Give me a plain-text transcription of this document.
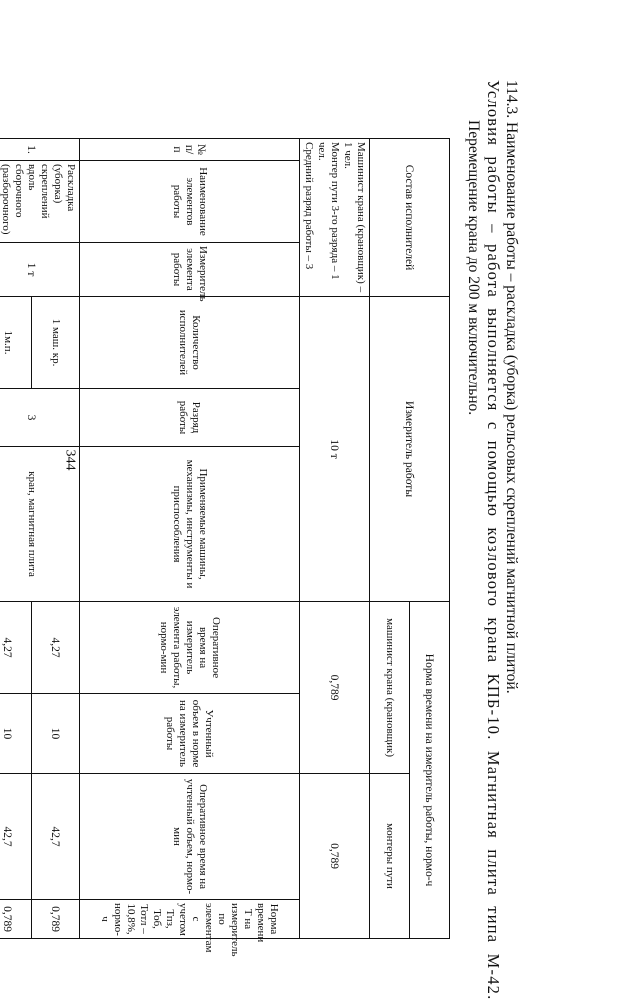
344	114.3. Наименование работы – раскладка (уборка) рельсовых скреплений магнитной плитой.
Условия работы – работа выполняется с помощью козлового крана КПБ-10. Магнитная плита типа М-42.
Перемещение крана до 200 м включительно.
Состав исполнителей			Измеритель работы			Норма времени на измеритель работы, нормо-ч			
						машинист крана (крановщик)		монтеры пути	

Машинист крана (крановщик) – 1 чел.
Монтер пути 3-го разряда – 1 чел.
Средний разряд работы – 3			10 т			0,789		0,789	
№ п/п	Наименование элементов работы	Измеритель элемента работы	Количество исполнителей	Разряд работы	Применяемые машины, механизмы, инструменты и приспособления	Оперативное время на измеритель элемента работы, нормо-мин	Учтенный объем в норме на измеритель работы	Оперативное время на учтенный объем, нормо-мин	Норма времени Т на измеритель по элементам с учетом Тпз, Тоб, Тотл – 10,8%, нормо-ч
1.	Раскладка (уборка) скреплений вдоль сборочного (разборочного)	1 т	1 маш. кр.	3	кран, магнитная плита	4,27	10	42,7	0,789
			1м.п.			4,27	10	42,7	0,789
